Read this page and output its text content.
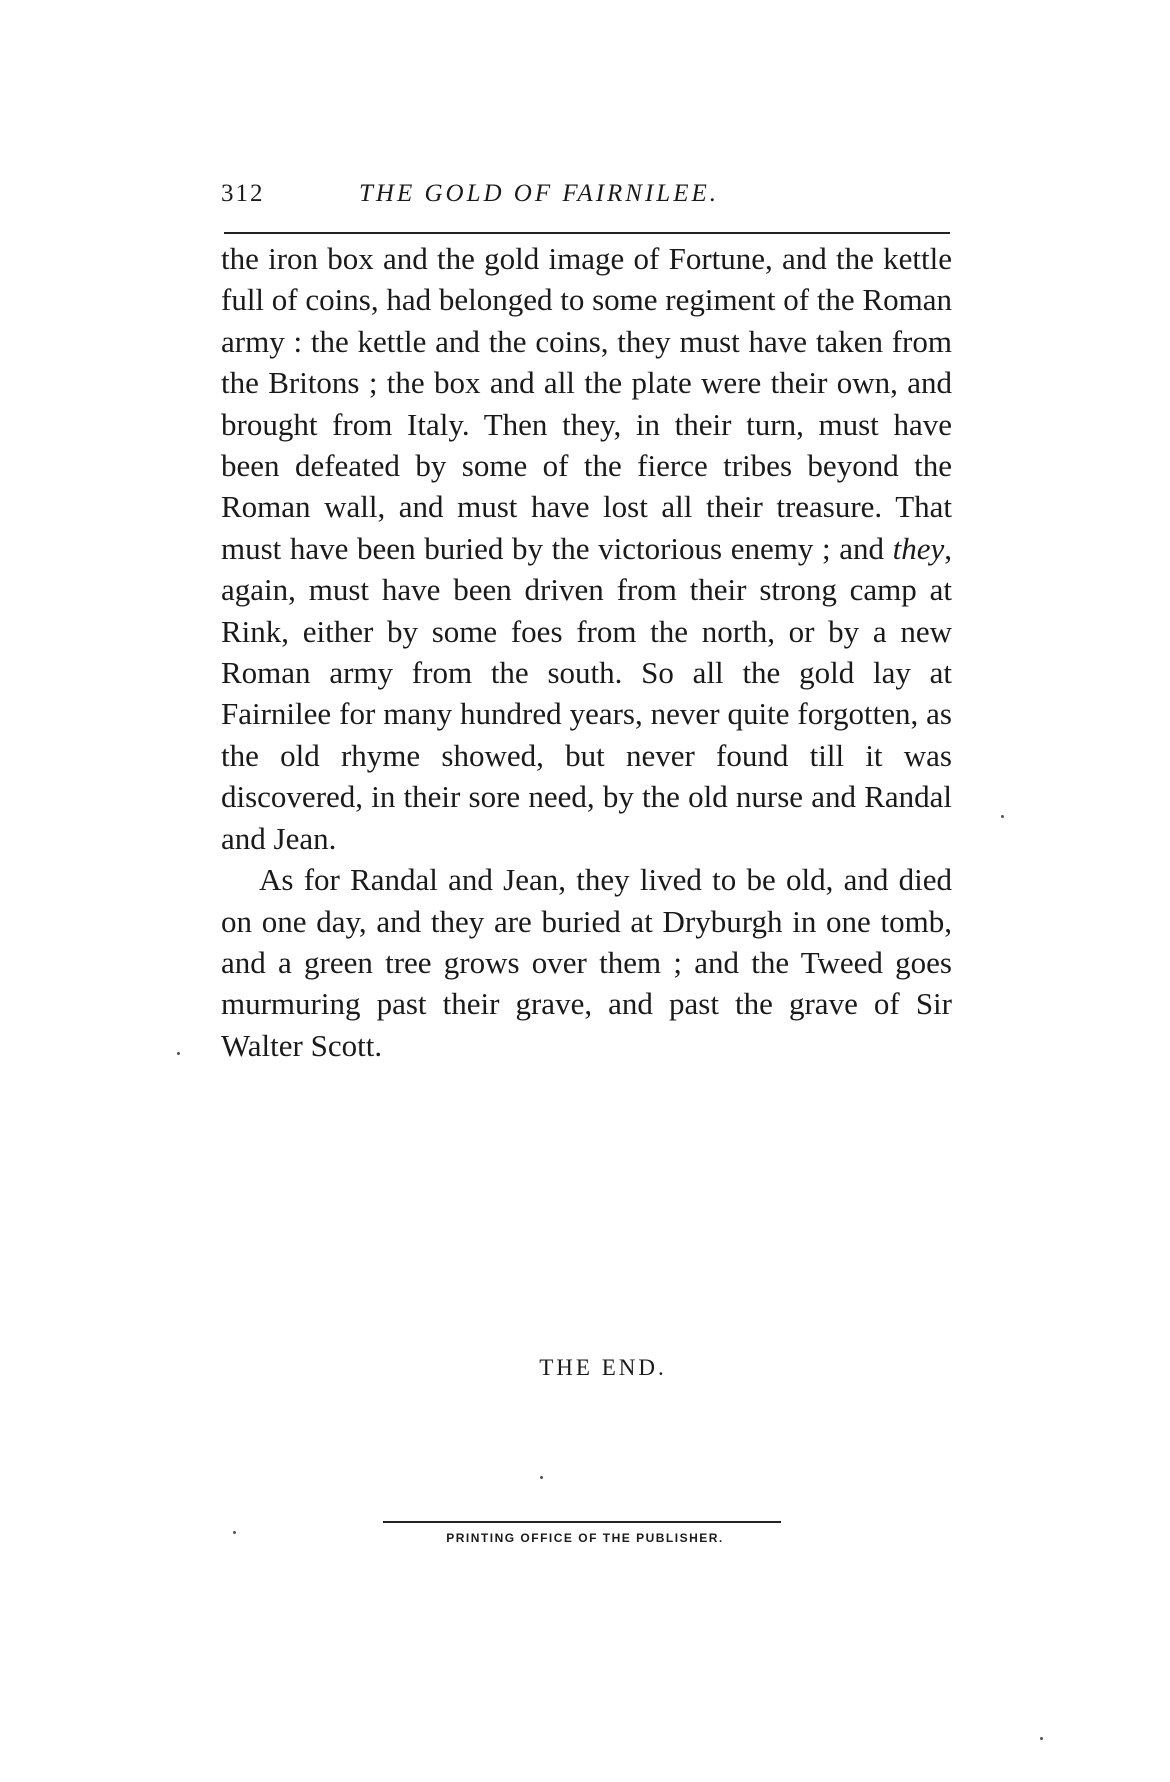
312	THE GOLD OF FAIRNILEE.

the iron box and the gold image of Fortune, and the kettle full of coins, had belonged to some regiment of the Roman army : the kettle and the coins, they must have taken from the Britons ; the box and all the plate were their own, and brought from Italy. Then they, in their turn, must have been defeated by some of the fierce tribes beyond the Roman wall, and must have lost all their treasure. That must have been buried by the victorious enemy ; and they, again, must have been driven from their strong camp at Rink, either by some foes from the north, or by a new Roman army from the south. So all the gold lay at Fairnilee for many hundred years, never quite forgotten, as the old rhyme showed, but never found till it was discovered, in their sore need, by the old nurse and Randal and Jean.

As for Randal and Jean, they lived to be old, and died on one day, and they are buried at Dryburgh in one tomb, and a green tree grows over them ; and the Tweed goes murmuring past their grave, and past the grave of Sir Walter Scott.

THE END.
PRINTING OFFICE OF THE PUBLISHER.
